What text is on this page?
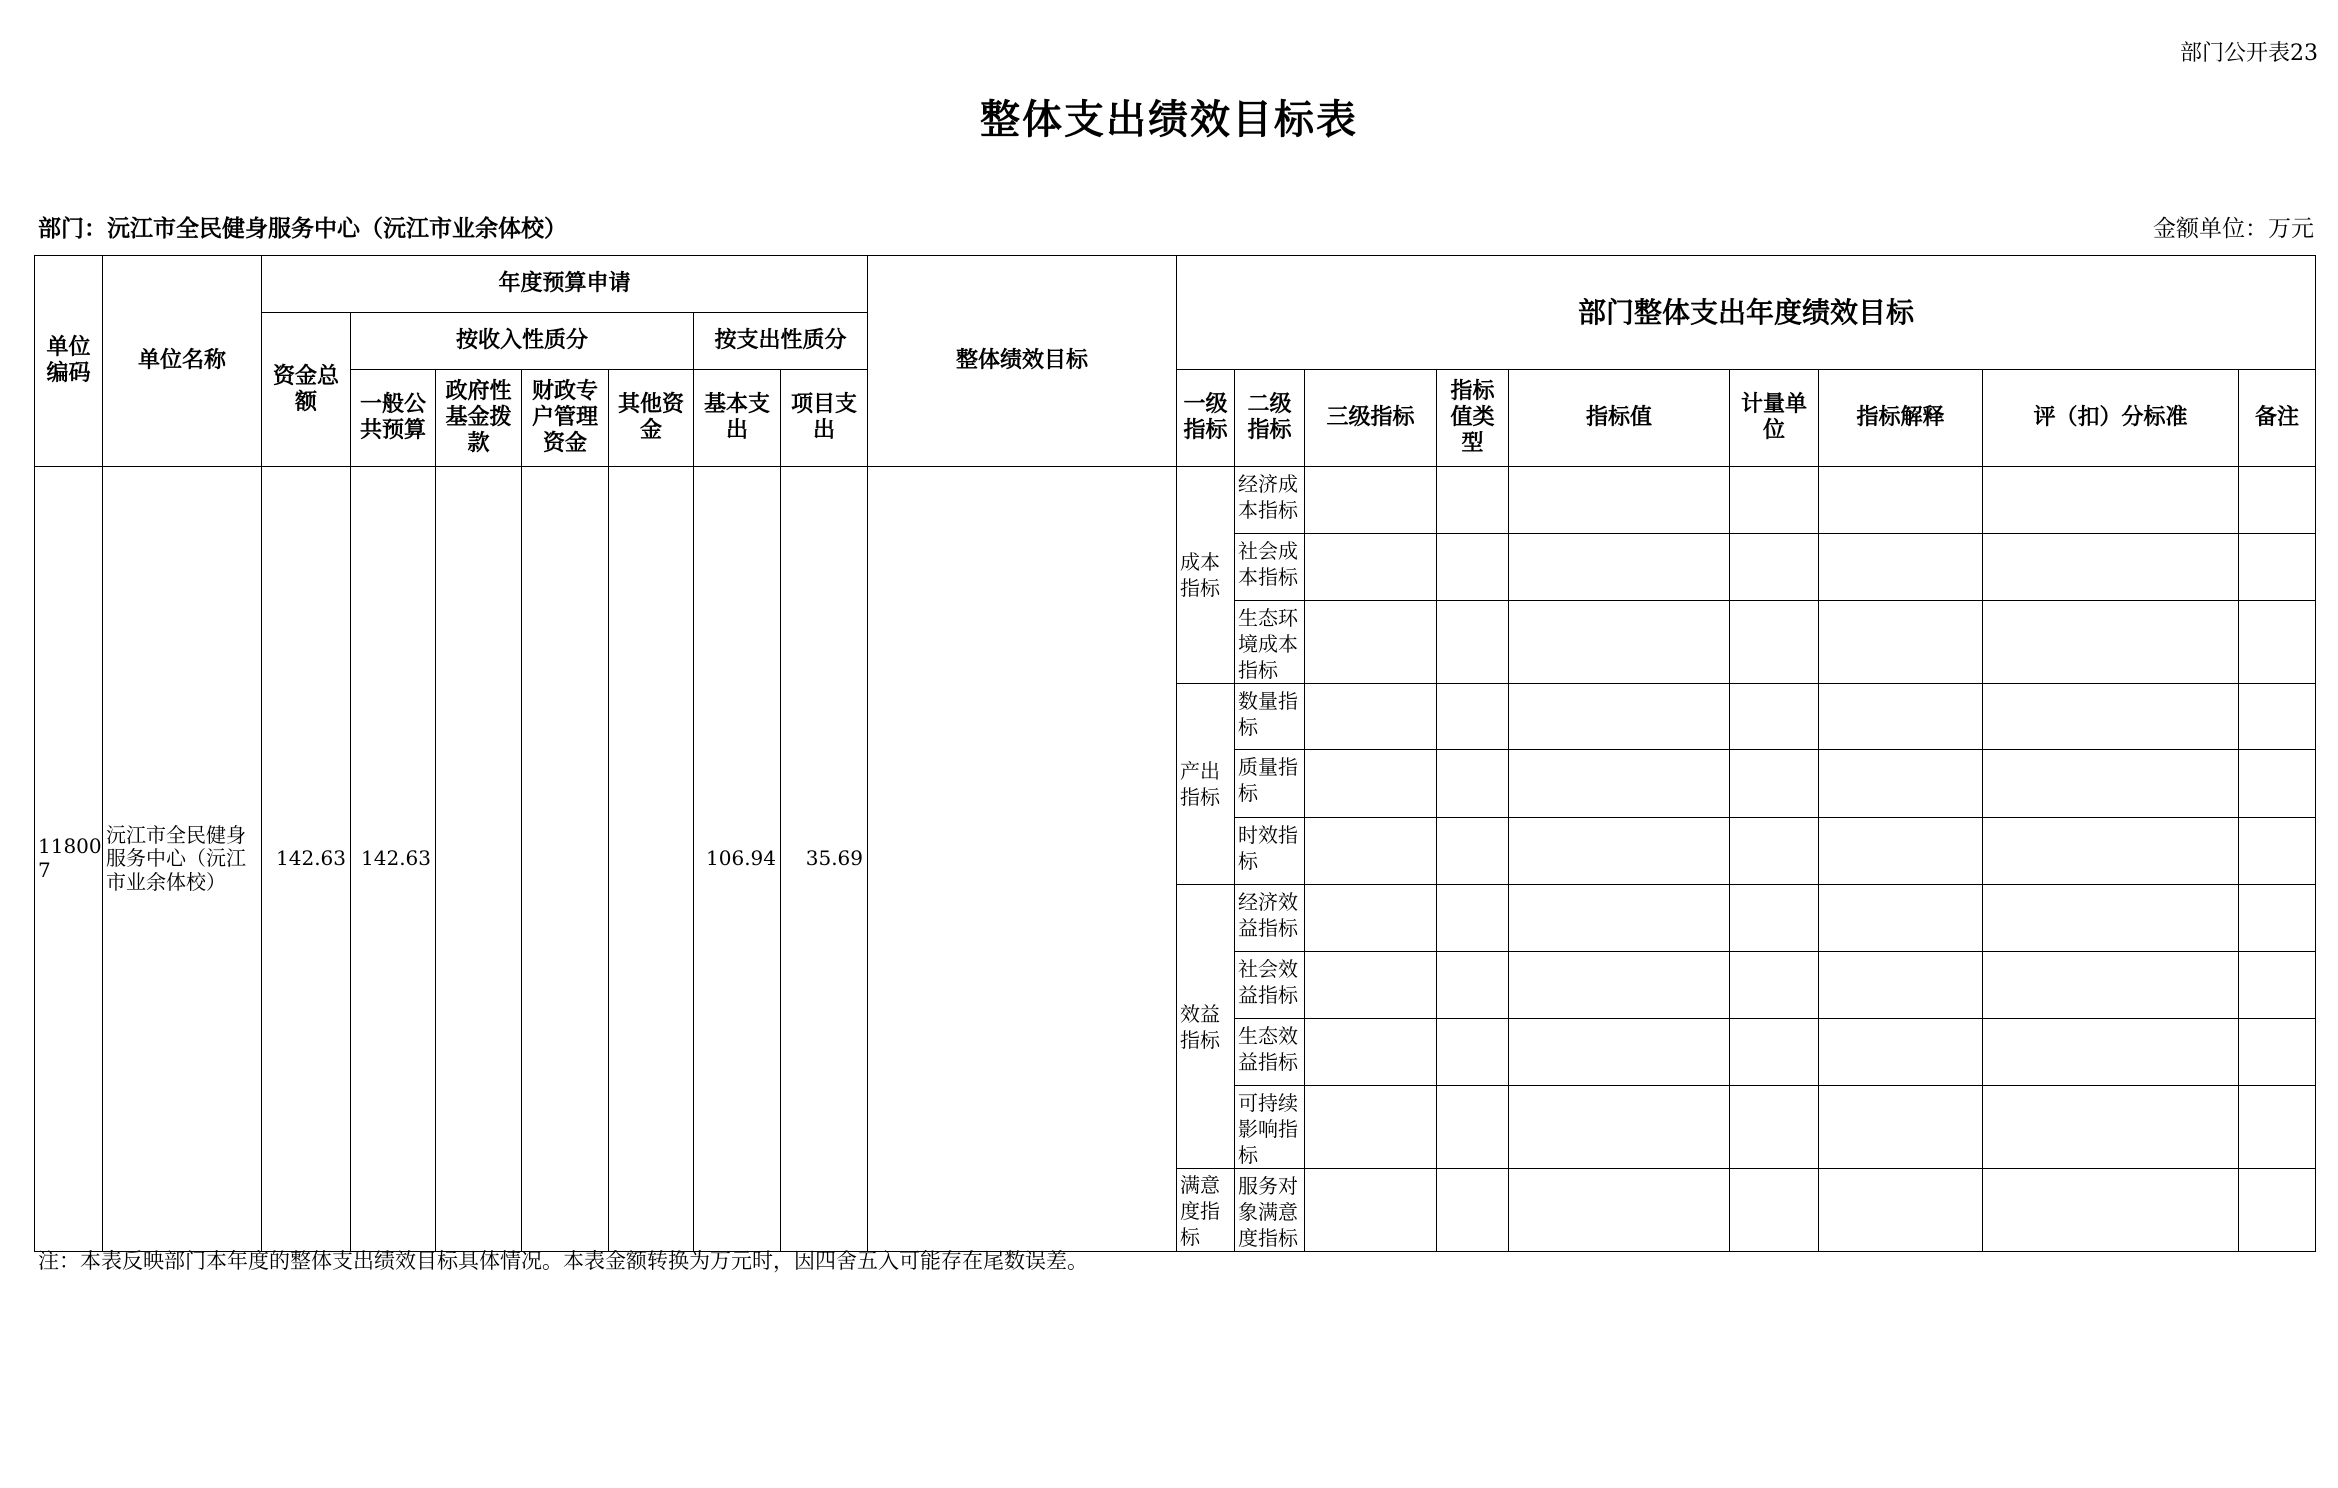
部门公开表23
整体支出绩效目标表
部门：沅江市全民健身服务中心（沅江市业余体校）	金额单位：万元
单位编码	单位名称	年度预算申请							整体绩效目标	部门整体支出年度绩效目标								
		资金总额	按收入性质分				按支出性质分											
			一般公共预算	政府性基金拨款	财政专户管理资金	其他资金	基本支出	项目支出		一级指标	二级指标	三级指标	指标值类型	指标值	计量单位	指标解释	评（扣）分标准	备注
118007	沅江市全民健身服务中心（沅江市业余体校）	142.63	142.63				106.94	35.69		成本指标	经济成本指标							
											社会成本指标							
											生态环境成本指标							
										产出指标	数量指标							
											质量指标							
											时效指标							
										效益指标	经济效益指标							
											社会效益指标							
											生态效益指标							
											可持续影响指标							
										满意度指标	服务对象满意度指标							
注：本表反映部门本年度的整体支出绩效目标具体情况。本表金额转换为万元时，因四舍五入可能存在尾数误差。
